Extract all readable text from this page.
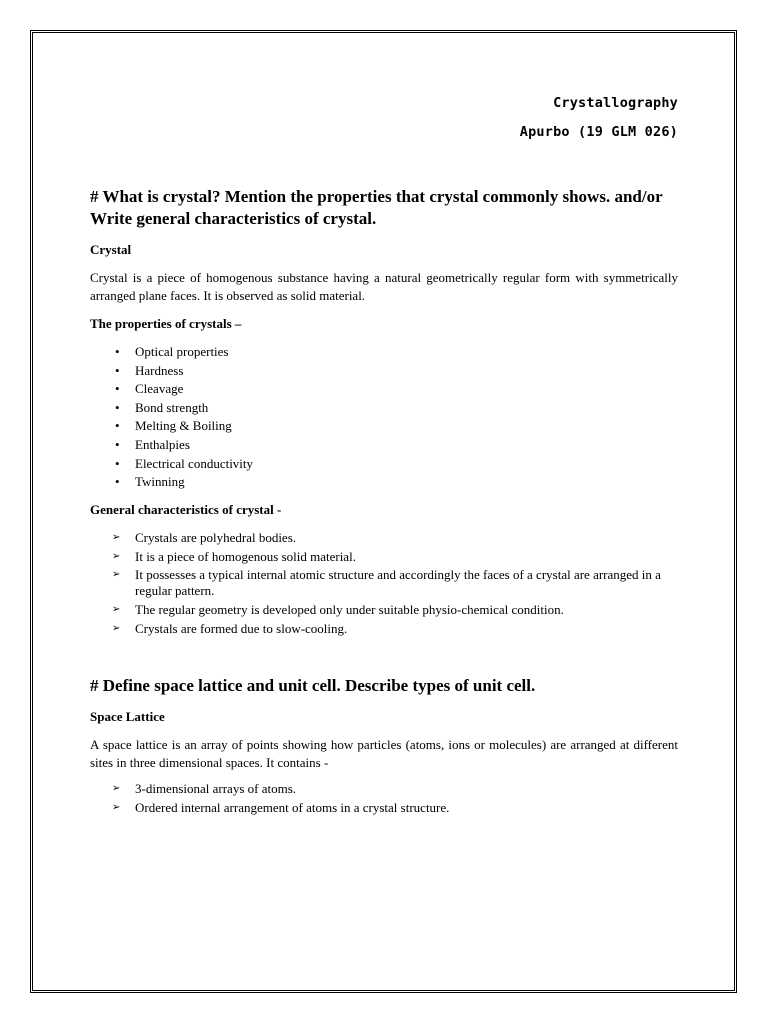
Crystallography
Apurbo (19 GLM 026)
# What is crystal? Mention the properties that crystal commonly shows. and/or Write general characteristics of crystal.
Crystal

Crystal is a piece of homogenous substance having a natural geometrically regular form with symmetrically arranged plane faces. It is observed as solid material.

The properties of crystals –
• Optical properties
• Hardness
• Cleavage
• Bond strength
• Melting & Boiling
• Enthalpies
• Electrical conductivity
• Twinning
General characteristics of crystal -
➢ Crystals are polyhedral bodies.
➢ It is a piece of homogenous solid material.
➢ It possesses a typical internal atomic structure and accordingly the faces of a crystal are arranged in a regular pattern.
➢ The regular geometry is developed only under suitable physio-chemical condition.
➢ Crystals are formed due to slow-cooling.
# Define space lattice and unit cell. Describe types of unit cell.
Space Lattice

A space lattice is an array of points showing how particles (atoms, ions or molecules) are arranged at different sites in three dimensional spaces. It contains -

➢ 3-dimensional arrays of atoms.
➢ Ordered internal arrangement of atoms in a crystal structure.
